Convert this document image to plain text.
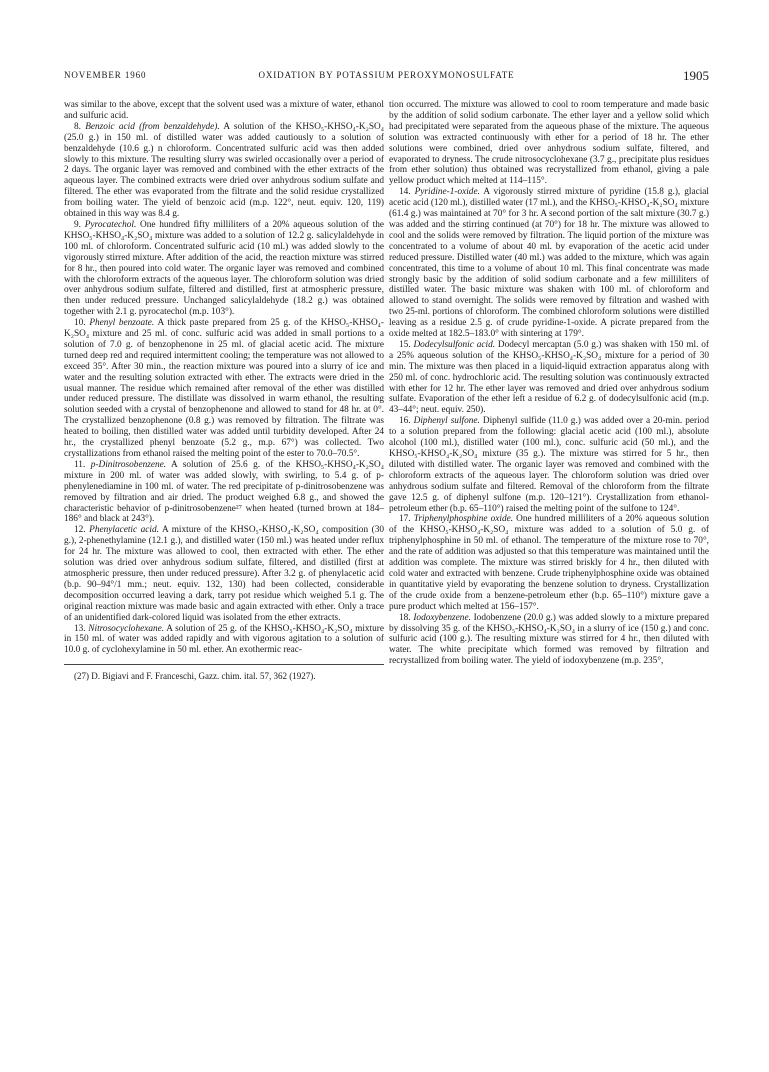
NOVEMBER 1960	OXIDATION BY POTASSIUM PEROXYMONOSULFATE	1905

was similar to the above, except that the solvent used was a mixture of water, ethanol and sulfuric acid.

8. Benzoic acid (from benzaldehyde). A solution of the KHSO₅-KHSO₄-K₂SO₄ (25.0 g.) in 150 ml. of distilled water was added cautiously to a solution of benzaldehyde (10.6 g.) n chloroform. Concentrated sulfuric acid was then added slowly to this mixture. The resulting slurry was swirled occasionally over a period of 2 days. The organic layer was removed and combined with the ether extracts of the aqueous layer. The combined extracts were dried over anhydrous sodium sulfate and filtered. The ether was evaporated from the filtrate and the solid residue crystallized from boiling water. The yield of benzoic acid (m.p. 122°, neut. equiv. 120, 119) obtained in this way was 8.4 g.

9. Pyrocatechol. One hundred fifty milliliters of a 20% aqueous solution of the KHSO₅-KHSO₄-K₂SO₄ mixture was added to a solution of 12.2 g. salicylaldehyde in 100 ml. of chloroform. Concentrated sulfuric acid (10 ml.) was added slowly to the vigorously stirred mixture. After addition of the acid, the reaction mixture was stirred for 8 hr., then poured into cold water. The organic layer was removed and combined with the chloroform extracts of the aqueous layer. The chloroform solution was dried over anhydrous sodium sulfate, filtered and distilled, first at atmospheric pressure, then under reduced pressure. Unchanged salicylaldehyde (18.2 g.) was obtained together with 2.1 g. pyrocatechol (m.p. 103°).

10. Phenyl benzoate. A thick paste prepared from 25 g. of the KHSO₅-KHSO₄-K₂SO₄ mixture and 25 ml. of conc. sulfuric acid was added in small portions to a solution of 7.0 g. of benzophenone in 25 ml. of glacial acetic acid. The mixture turned deep red and required intermittent cooling; the temperature was not allowed to exceed 35°. After 30 min., the reaction mixture was poured into a slurry of ice and water and the resulting solution extracted with ether. The extracts were dried in the usual manner. The residue which remained after removal of the ether was distilled under reduced pressure. The distillate was dissolved in warm ethanol, the resulting solution seeded with a crystal of benzophenone and allowed to stand for 48 hr. at 0°. The crystallized benzophenone (0.8 g.) was removed by filtration. The filtrate was heated to boiling, then distilled water was added until turbidity developed. After 24 hr., the crystallized phenyl benzoate (5.2 g., m.p. 67°) was collected. Two crystallizations from ethanol raised the melting point of the ester to 70.0–70.5°.

11. p-Dinitrosobenzene. A solution of 25.6 g. of the KHSO₅-KHSO₄-K₂SO₄ mixture in 200 ml. of water was added slowly, with swirling, to 5.4 g. of p-phenylenediamine in 100 ml. of water. The red precipitate of p-dinitrosobenzene was removed by filtration and air dried. The product weighed 6.8 g., and showed the characteristic behavior of p-dinitrosobenzene²⁷ when heated (turned brown at 184–186° and black at 243°).

12. Phenylacetic acid. A mixture of the KHSO₅-KHSO₄-K₂SO₄ composition (30 g.), 2-phenethylamine (12.1 g.), and distilled water (150 ml.) was heated under reflux for 24 hr. The mixture was allowed to cool, then extracted with ether. The ether solution was dried over anhydrous sodium sulfate, filtered, and distilled (first at atmospheric pressure, then under reduced pressure). After 3.2 g. of phenylacetic acid (b.p. 90–94°/1 mm.; neut. equiv. 132, 130) had been collected, considerable decomposition occurred leaving a dark, tarry pot residue which weighed 5.1 g. The original reaction mixture was made basic and again extracted with ether. Only a trace of an unidentified dark-colored liquid was isolated from the ether extracts.

13. Nitrosocyclohexane. A solution of 25 g. of the KHSO₅-KHSO₄-K₂SO₄ mixture in 150 ml. of water was added rapidly and with vigorous agitation to a solution of 10.0 g. of cyclohexylamine in 50 ml. ether. An exothermic reac-

(27) D. Bigiavi and F. Franceschi, Gazz. chim. ital. 57, 362 (1927).

tion occurred. The mixture was allowed to cool to room temperature and made basic by the addition of solid sodium carbonate. The ether layer and a yellow solid which had precipitated were separated from the aqueous phase of the mixture. The aqueous solution was extracted continuously with ether for a period of 18 hr. The ether solutions were combined, dried over anhydrous sodium sulfate, filtered, and evaporated to dryness. The crude nitrosocyclohexane (3.7 g., precipitate plus residues from ether solution) thus obtained was recrystallized from ethanol, giving a pale yellow product which melted at 114–115°.

14. Pyridine-1-oxide. A vigorously stirred mixture of pyridine (15.8 g.), glacial acetic acid (120 ml.), distilled water (17 ml.), and the KHSO₅-KHSO₄-K₂SO₄ mixture (61.4 g.) was maintained at 70° for 3 hr. A second portion of the salt mixture (30.7 g.) was added and the stirring continued (at 70°) for 18 hr. The mixture was allowed to cool and the solids were removed by filtration. The liquid portion of the mixture was concentrated to a volume of about 40 ml. by evaporation of the acetic acid under reduced pressure. Distilled water (40 ml.) was added to the mixture, which was again concentrated, this time to a volume of about 10 ml. This final concentrate was made strongly basic by the addition of solid sodium carbonate and a few milliliters of distilled water. The basic mixture was shaken with 100 ml. of chloroform and allowed to stand overnight. The solids were removed by filtration and washed with two 25-ml. portions of chloroform. The combined chloroform solutions were distilled leaving as a residue 2.5 g. of crude pyridine-1-oxide. A picrate prepared from the oxide melted at 182.5–183.0° with sintering at 179°.

15. Dodecylsulfonic acid. Dodecyl mercaptan (5.0 g.) was shaken with 150 ml. of a 25% aqueous solution of the KHSO₅-KHSO₄-K₂SO₄ mixture for a period of 30 min. The mixture was then placed in a liquid-liquid extraction apparatus along with 250 ml. of conc. hydrochloric acid. The resulting solution was continuously extracted with ether for 12 hr. The ether layer was removed and dried over anhydrous sodium sulfate. Evaporation of the ether left a residue of 6.2 g. of dodecylsulfonic acid (m.p. 43–44°; neut. equiv. 250).

16. Diphenyl sulfone. Diphenyl sulfide (11.0 g.) was added over a 20-min. period to a solution prepared from the following: glacial acetic acid (100 ml.), absolute alcohol (100 ml.), distilled water (100 ml.), conc. sulfuric acid (50 ml.), and the KHSO₅-KHSO₄-K₂SO₄ mixture (35 g.). The mixture was stirred for 5 hr., then diluted with distilled water. The organic layer was removed and combined with the chloroform extracts of the aqueous layer. The chloroform solution was dried over anhydrous sodium sulfate and filtered. Removal of the chloroform from the filtrate gave 12.5 g. of diphenyl sulfone (m.p. 120–121°). Crystallization from ethanol-petroleum ether (b.p. 65–110°) raised the melting point of the sulfone to 124°.

17. Triphenylphosphine oxide. One hundred milliliters of a 20% aqueous solution of the KHSO₅-KHSO₄-K₂SO₄ mixture was added to a solution of 5.0 g. of triphenylphosphine in 50 ml. of ethanol. The temperature of the mixture rose to 70°, and the rate of addition was adjusted so that this temperature was maintained until the addition was complete. The mixture was stirred briskly for 4 hr., then diluted with cold water and extracted with benzene. Crude triphenylphosphine oxide was obtained in quantitative yield by evaporating the benzene solution to dryness. Crystallization of the crude oxide from a benzene-petroleum ether (b.p. 65–110°) mixture gave a pure product which melted at 156–157°.

18. Iodoxybenzene. Iodobenzene (20.0 g.) was added slowly to a mixture prepared by dissolving 35 g. of the KHSO₅-KHSO₄-K₂SO₄ in a slurry of ice (150 g.) and conc. sulfuric acid (100 g.). The resulting mixture was stirred for 4 hr., then diluted with water. The white precipitate which formed was removed by filtration and recrystallized from boiling water. The yield of iodoxybenzene (m.p. 235°,
